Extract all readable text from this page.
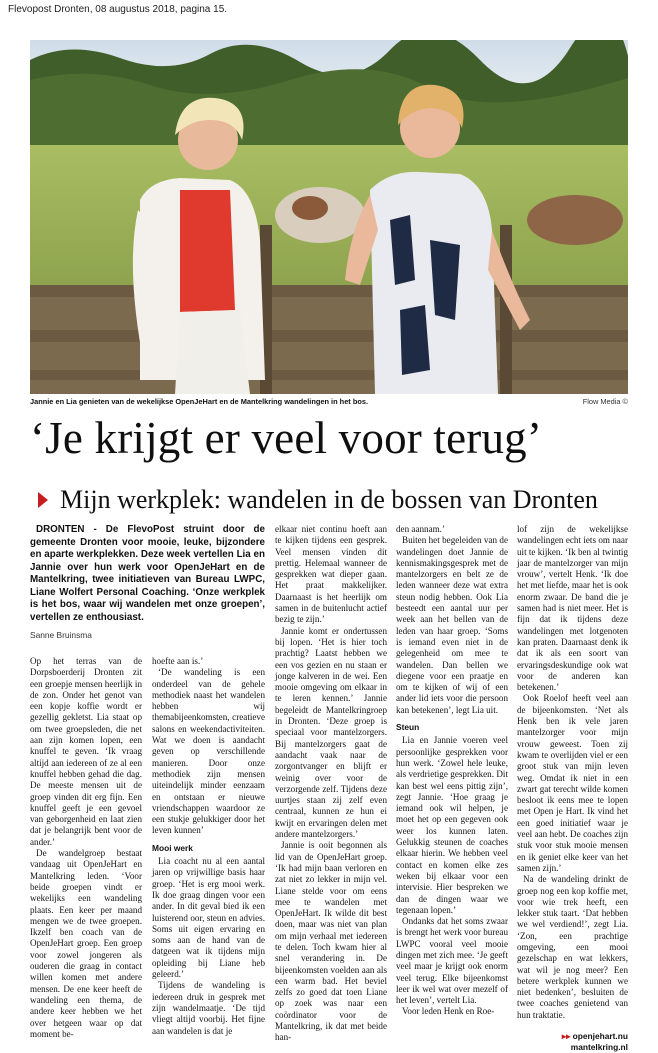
Flevopost Dronten, 08 augustus 2018, pagina 15.
Jannie en Lia genieten van de wekelijkse OpenJeHart en de Mantelkring wandelingen in het bos.	Flow Media ©
‘Je krijgt er veel voor terug’
Mijn werkplek: wandelen in de bossen van Dronten

DRONTEN - De FlevoPost struint door de gemeente Dronten voor mooie, leuke, bijzondere en aparte werkplekken. Deze week vertellen Lia en Jannie over hun werk voor OpenJeHart en de Mantelkring, twee initiatieven van Bureau LWPC, Liane Wolfert Personal Coaching. ‘Onze werkplek is het bos, waar wij wandelen met onze groepen’, vertellen ze enthousiast.

Sanne Bruinsma

Op het terras van de Dorpsboerderij Dronten zit een groepje mensen heerlijk in de zon. Onder het genot van een kopje koffie wordt er gezellig gekletst. Lia staat op om twee groepsleden, die net aan zijn komen lopen, een knuffel te geven. ‘Ik vraag altijd aan iedereen of ze al een knuffel hebben gehad die dag. De meeste mensen uit de groep vinden dit erg fijn. Een knuffel geeft je een gevoel van geborgenheid en laat zien dat je belangrijk bent voor de ander.’

De wandelgroep bestaat vandaag uit OpenJeHart en Mantelkring leden. ‘Voor beide groepen vindt er wekelijks een wandeling plaats. Een keer per maand mengen we de twee groepen. Ikzelf ben coach van de OpenJeHart groep. Een groep voor zowel jongeren als ouderen die graag in contact willen komen met andere mensen. De ene keer heeft de wandeling een thema, de andere keer hebben we het over hetgeen waar op dat moment be-

hoefte aan is.’

‘De wandeling is een onderdeel van de gehele methodiek naast het wandelen hebben wij themabijeenkomsten, creatieve salons en weekendactiviteiten. Wat we doen is aandacht geven op verschillende manieren. Door onze methodiek zijn mensen uiteindelijk minder eenzaam en ontstaan er nieuwe vriendschappen waardoor ze een stukje gelukkiger door het leven kunnen’

Mooi werk

Lia coacht nu al een aantal jaren op vrijwillige basis haar groep. ‘Het is erg mooi werk. Ik doe graag dingen voor een ander. In dit geval bied ik een luisterend oor, steun en advies. Soms uit eigen ervaring en soms aan de hand van de datgeen wat ik tijdens mijn opleiding bij Liane heb geleerd.’

Tijdens de wandeling is iedereen druk in gesprek met zijn wandelmaatje. ‘De tijd vliegt altijd voorbij. Het fijne aan wandelen is dat je

elkaar niet continu hoeft aan te kijken tijdens een gesprek. Veel mensen vinden dit prettig. Helemaal wanneer de gesprekken wat dieper gaan. Het praat makkelijker. Daarnaast is het heerlijk om samen in de buitenlucht actief bezig te zijn.’

Jannie komt er ondertussen bij lopen. ‘Het is hier toch prachtig? Laatst hebben we een vos gezien en nu staan er jonge kalveren in de wei. Een mooie omgeving om elkaar in te leren kennen.’ Jannie begeleidt de Mantelkringroep in Dronten. ‘Deze groep is speciaal voor mantelzorgers. Bij mantelzorgers gaat de aandacht vaak naar de zorgontvanger en blijft er weinig over voor de verzorgende zelf. Tijdens deze uurtjes staan zij zelf even centraal, kunnen ze hun ei kwijt en ervaringen delen met andere mantelzorgers.’

Jannie is ooit begonnen als lid van de OpenJeHart groep. ‘Ik had mijn baan verloren en zat niet zo lekker in mijn vel. Liane stelde voor om eens mee te wandelen met OpenJeHart. Ik wilde dit best doen, maar was niet van plan om mijn verhaal met iedereen te delen. Toch kwam hier al snel verandering in. De bijeenkomsten voelden aan als een warm bad. Het beviel zelfs zo goed dat toen Liane op zoek was naar een coördinator voor de Mantelkring, ik dat met beide han-

den aannam.’

Buiten het begeleiden van de wandelingen doet Jannie de kennismakingsgesprek met de mantelzorgers en belt ze de leden wanneer deze wat extra steun nodig hebben. Ook Lia besteedt een aantal uur per week aan het bellen van de leden van haar groep. ‘Soms is iemand even niet in de gelegenheid om mee te wandelen. Dan bellen we diegene voor een praatje en om te kijken of wij of een ander lid iets voor die persoon kan betekenen’, legt Lia uit.

Steun

Lia en Jannie voeren veel persoonlijke gesprekken voor hun werk. ‘Zowel hele leuke, als verdrietige gesprekken. Dit kan best wel eens pittig zijn’, zegt Jannie. ‘Hoe graag je iemand ook wil helpen, je moet het op een gegeven ook weer los kunnen laten. Gelukkig steunen de coaches elkaar hierin. We hebben veel contact en komen elke zes weken bij elkaar voor een intervisie. Hier bespreken we dan de dingen waar we tegenaan lopen.’

Ondanks dat het soms zwaar is brengt het werk voor bureau LWPC vooral veel mooie dingen met zich mee. ‘Je geeft veel maar je krijgt ook enorm veel terug. Elke bijeenkomst leer ik wel wat over mezelf of het leven’, vertelt Lia.

Voor leden Henk en Roe-

lof zijn de wekelijkse wandelingen echt iets om naar uit te kijken. ‘Ik ben al twintig jaar de mantelzorger van mijn vrouw’, vertelt Henk. ‘Ik doe het met liefde, maar het is ook enorm zwaar. De band die je samen had is niet meer. Het is fijn dat ik tijdens deze wandelingen met lotgenoten kan praten. Daarnaast denk ik dat ik als een soort van ervaringsdeskundige ook wat voor de anderen kan betekenen.’

Ook Roelof heeft veel aan de bijeenkomsten. ‘Net als Henk ben ik vele jaren mantelzorger voor mijn vrouw geweest. Toen zij kwam te overlijden viel er een groot stuk van mijn leven weg. Omdat ik niet in een zwart gat terecht wilde komen besloot ik eens mee te lopen met Open je Hart. Ik vind het een goed initiatief waar je veel aan hebt. De coaches zijn stuk voor stuk mooie mensen en ik geniet elke keer van het samen zijn.’

Na de wandeling drinkt de groep nog een kop koffie met, voor wie trek heeft, een lekker stuk taart. ‘Dat hebben we wel verdiend!’, zegt Lia. ‘Zon, een prachtige omgeving, een mooi gezelschap en wat lekkers, wat wil je nog meer? Een betere werkplek kunnen we niet bedenken’, besluiten de twee coaches genietend van hun traktatie.

▸▸ openjehart.nu
mantelkring.nl
